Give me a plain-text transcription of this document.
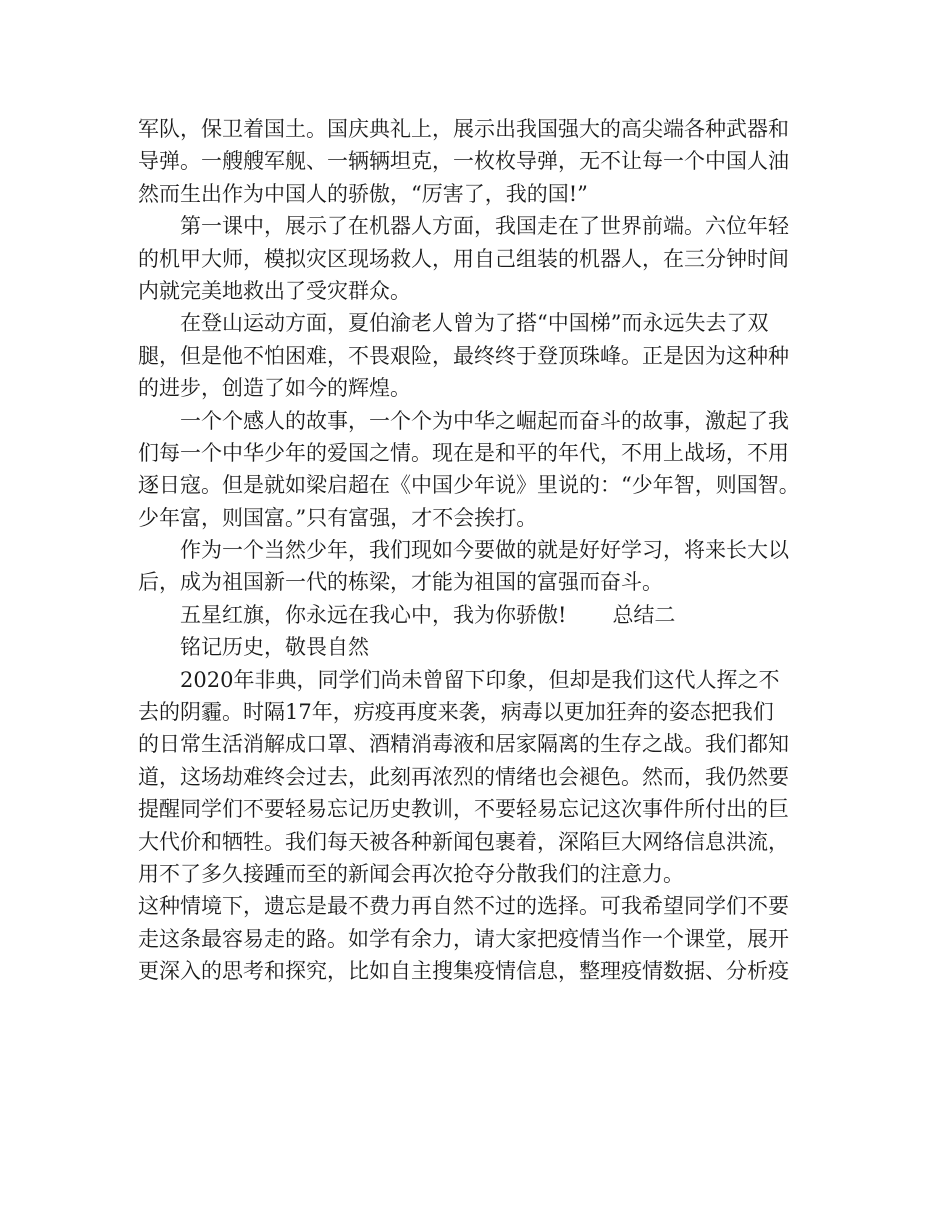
军队，保卫着国土。国庆典礼上，展示出我国强大的高尖端各种武器和
导弹。一艘艘军舰、一辆辆坦克，一枚枚导弹，无不让每一个中国人油
然而生出作为中国人的骄傲，“厉害了，我的国!”
第一课中，展示了在机器人方面，我国走在了世界前端。六位年轻
的机甲大师，模拟灾区现场救人，用自己组装的机器人，在三分钟时间
内就完美地救出了受灾群众。
在登山运动方面，夏伯渝老人曾为了搭“中国梯”而永远失去了双
腿，但是他不怕困难，不畏艰险，最终终于登顶珠峰。正是因为这种种
的进步，创造了如今的辉煌。
一个个感人的故事，一个个为中华之崛起而奋斗的故事，激起了我
们每一个中华少年的爱国之情。现在是和平的年代，不用上战场，不用
逐日寇。但是就如梁启超在《中国少年说》里说的：“少年智，则国智。
少年富，则国富。”只有富强，才不会挨打。
作为一个当然少年，我们现如今要做的就是好好学习，将来长大以
后，成为祖国新一代的栋梁，才能为祖国的富强而奋斗。
五星红旗，你永远在我心中，我为你骄傲! 总结二
铭记历史，敬畏自然
2020年非典，同学们尚未曾留下印象，但却是我们这代人挥之不
去的阴霾。时隔17年，疠疫再度来袭，病毒以更加狂奔的姿态把我们
的日常生活消解成口罩、酒精消毒液和居家隔离的生存之战。我们都知
道，这场劫难终会过去，此刻再浓烈的情绪也会褪色。然而，我仍然要
提醒同学们不要轻易忘记历史教训，不要轻易忘记这次事件所付出的巨
大代价和牺牲。我们每天被各种新闻包裹着，深陷巨大网络信息洪流，
用不了多久接踵而至的新闻会再次抢夺分散我们的注意力。
这种情境下，遗忘是最不费力再自然不过的选择。可我希望同学们不要
走这条最容易走的路。如学有余力，请大家把疫情当作一个课堂，展开
更深入的思考和探究，比如自主搜集疫情信息，整理疫情数据、分析疫
